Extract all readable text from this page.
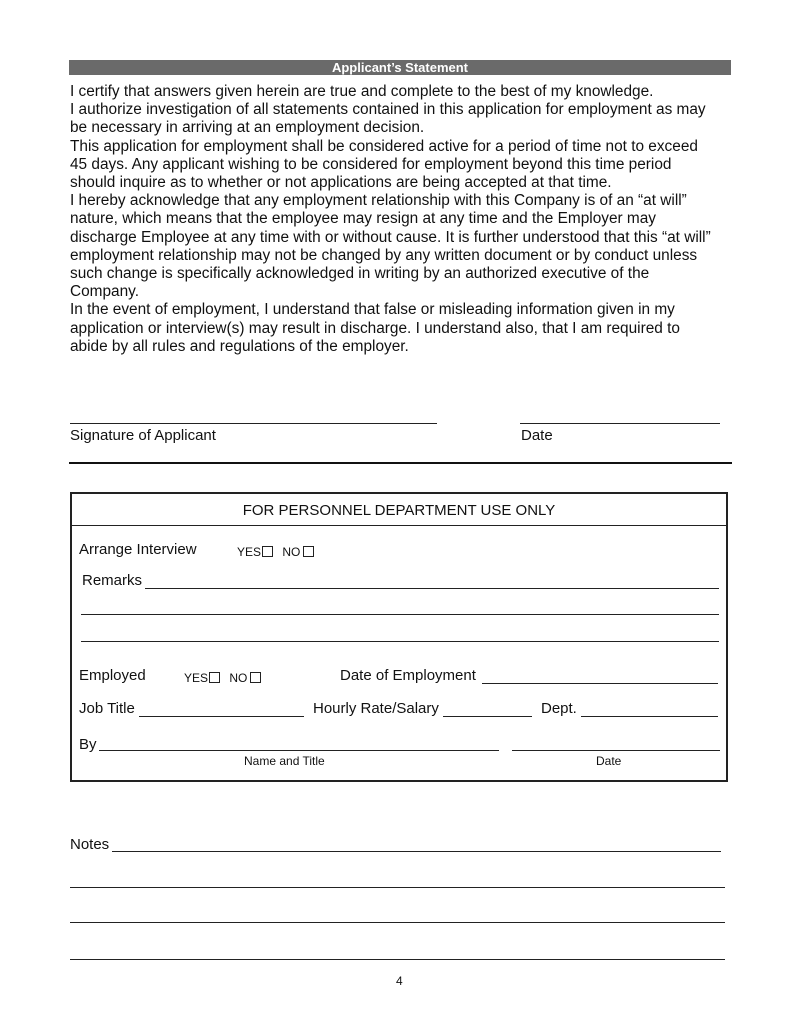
Applicant’s Statement
I certify that answers given herein are true and complete to the best of my knowledge.
I authorize investigation of all statements contained in this application for employment as may
be necessary in arriving at an employment decision.
This application for employment shall be considered active for a period of time not to exceed
45 days. Any applicant wishing to be considered for employment beyond this time period
should inquire as to whether or not applications are being accepted at that time.
I hereby acknowledge that any employment relationship with this Company is of an “at will”
nature, which means that the employee may resign at any time and the Employer may
discharge Employee at any time with or without cause. It is further understood that this “at will”
employment relationship may not be changed by any written document or by conduct unless
such change is specifically acknowledged in writing by an authorized executive of the
Company.
In the event of employment, I understand that false or misleading information given in my
application or interview(s) may result in discharge. I understand also, that I am required to
abide by all rules and regulations of the employer.
Signature of Applicant	Date
FOR PERSONNEL DEPARTMENT USE ONLY
Arrange Interview	YES NO
Remarks
Employed	YES NO	Date of Employment
Job Title	Hourly Rate/Salary	Dept.
By
Name and Title	Date
Notes
4
